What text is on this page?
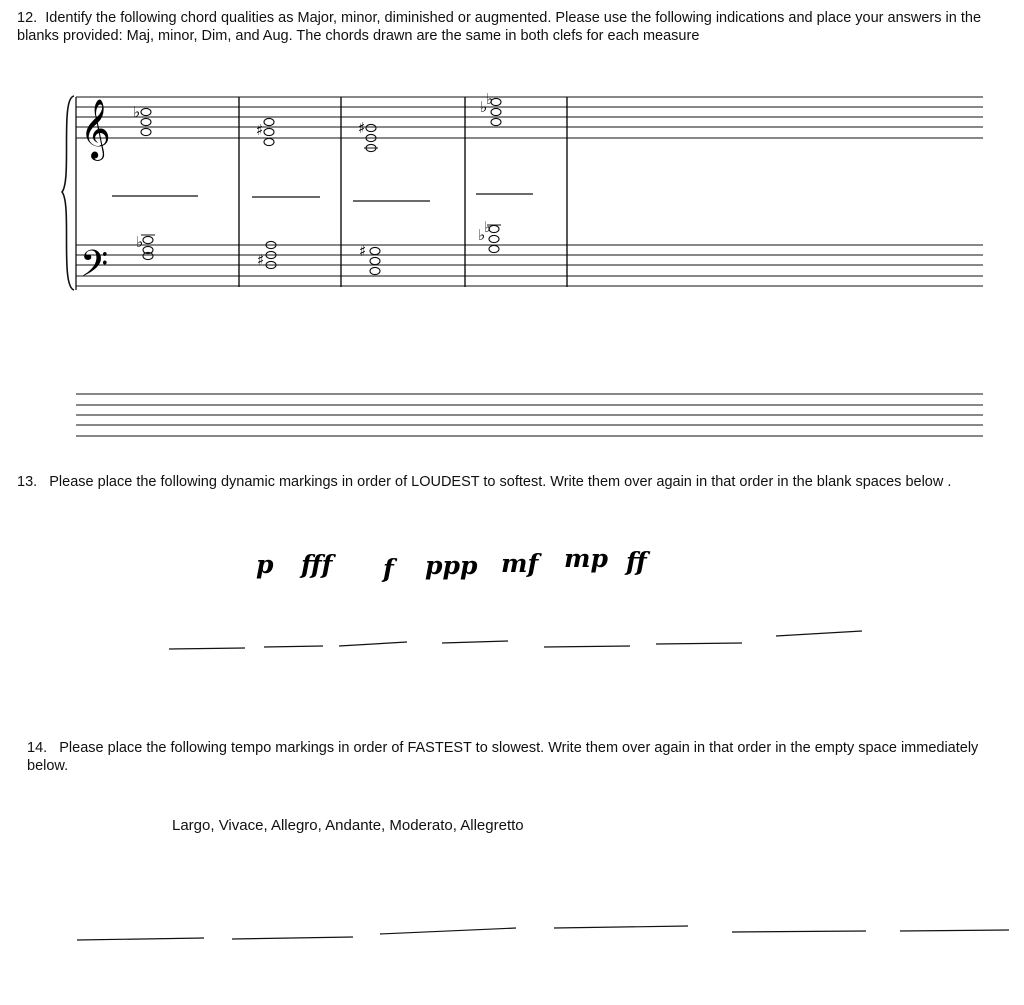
12. Identify the following chord qualities as Major, minor, diminished or augmented. Please use the following indications and place your answers in the blanks provided: Maj, minor, Dim, and Aug. The chords drawn are the same in both clefs for each measure
𝄞
𝄢
♭
♯	♯
♭
♭
♭
♯	♯
♭
♭
p fff f ppp mf mp ff
13. Please place the following dynamic markings in order of LOUDEST to softest. Write them over again in that order in the blank spaces below .
14. Please place the following tempo markings in order of FASTEST to slowest. Write them over again in that order in the empty space immediately below.
Largo, Vivace, Allegro, Andante, Moderato, Allegretto
